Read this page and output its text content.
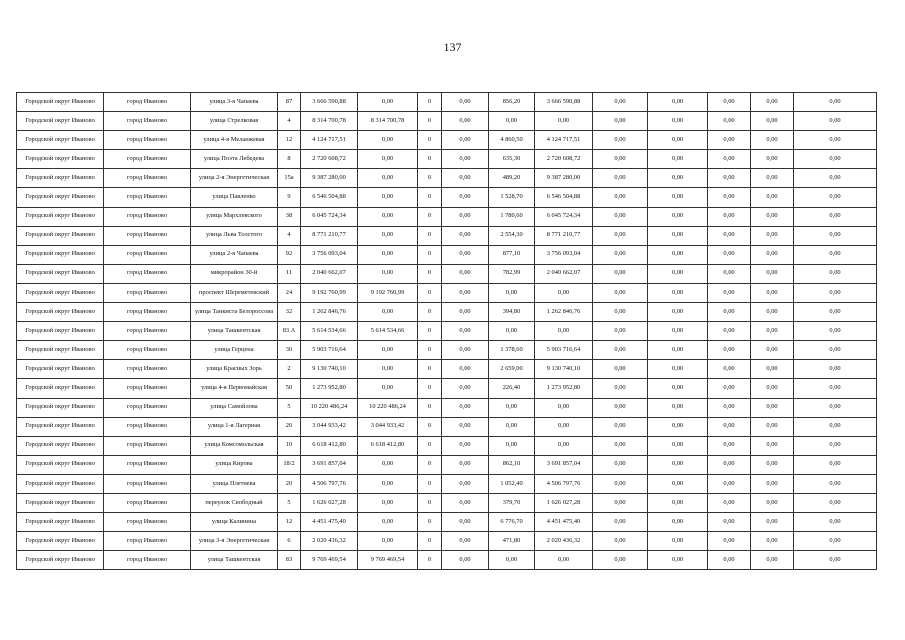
137
Городской округ Иваново	город Иваново	улица 3-я Чапаева	87	3 666 590,88	0,00	0	0,00	856,20	3 666 590,88	0,00	0,00	0,00	0,00	0,00
Городской округ Иваново	город Иваново	улица Стрелковая	4	8 314 700,78	8 314 700,78	0	0,00	0,00	0,00	0,00	0,00	0,00	0,00	0,00
Городской округ Иваново	город Иваново	улица 4-я Меланжевая	12	4 124 717,51	0,00	0	0,00	4 860,50	4 124 717,51	0,00	0,00	0,00	0,00	0,00
Городской округ Иваново	город Иваново	улица Поэта Лебедева	8	2 720 608,72	0,00	0	0,00	635,30	2 720 608,72	0,00	0,00	0,00	0,00	0,00
Городской округ Иваново	город Иваново	улица 2-я Энергетическая	15а	9 387 280,00	0,00	0	0,00	489,20	9 387 280,00	0,00	0,00	0,00	0,00	0,00
Городской округ Иваново	город Иваново	улица Павленко	9	6 546 504,88	0,00	0	0,00	1 528,70	6 546 504,88	0,00	0,00	0,00	0,00	0,00
Городской округ Иваново	город Иваново	улица Мархлевского	38	6 045 724,34	0,00	0	0,00	1 780,60	6 045 724,34	0,00	0,00	0,00	0,00	0,00
Городской округ Иваново	город Иваново	улица Льва Толстого	4	8 771 210,77	0,00	0	0,00	2 554,30	8 771 210,77	0,00	0,00	0,00	0,00	0,00
Городской округ Иваново	город Иваново	улица 2-я Чапаева	92	3 756 093,04	0,00	0	0,00	877,10	3 756 093,04	0,00	0,00	0,00	0,00	0,00
Городской округ Иваново	город Иваново	микрорайон 30-й	11	2 040 662,07	0,00	0	0,00	782,99	2 040 662,07	0,00	0,00	0,00	0,00	0,00
Городской округ Иваново	город Иваново	проспект Шереметевский	24	9 192 760,99	9 192 760,99	0	0,00	0,00	0,00	0,00	0,00	0,00	0,00	0,00
Городской округ Иваново	город Иваново	улица Танкиста Белороссова	32	1 262 846,76	0,00	0	0,00	394,80	1 262 846,76	0,00	0,00	0,00	0,00	0,00
Городской округ Иваново	город Иваново	улица Ташкентская	83 А	5 614 534,66	5 614 534,66	0	0,00	0,00	0,00	0,00	0,00	0,00	0,00	0,00
Городской округ Иваново	город Иваново	улица Герцена	30	5 903 716,64	0,00	0	0,00	1 378,60	5 903 716,64	0,00	0,00	0,00	0,00	0,00
Городской округ Иваново	город Иваново	улица Красных Зорь	2	9 130 740,10	0,00	0	0,00	2 659,00	9 130 740,10	0,00	0,00	0,00	0,00	0,00
Городской округ Иваново	город Иваново	улица 4-я Первомайская	50	1 273 952,80	0,00	0	0,00	226,40	1 273 952,80	0,00	0,00	0,00	0,00	0,00
Городской округ Иваново	город Иваново	улица Самойлова	5	10 220 486,24	10 220 486,24	0	0,00	0,00	0,00	0,00	0,00	0,00	0,00	0,00
Городской округ Иваново	город Иваново	улица 1-я Лагерная	20	3 044 933,42	3 044 933,42	0	0,00	0,00	0,00	0,00	0,00	0,00	0,00	0,00
Городской округ Иваново	город Иваново	улица Комсомольская	10	6 618 412,80	6 618 412,80	0	0,00	0,00	0,00	0,00	0,00	0,00	0,00	0,00
Городской округ Иваново	город Иваново	улица Кирова	18/2	3 691 857,04	0,00	0	0,00	862,10	3 691 857,04	0,00	0,00	0,00	0,00	0,00
Городской округ Иваново	город Иваново	улица Плетнева	20	4 506 797,76	0,00	0	0,00	1 052,40	4 506 797,76	0,00	0,00	0,00	0,00	0,00
Городской округ Иваново	город Иваново	переулок Свободный	5	1 626 027,28	0,00	0	0,00	379,70	1 626 027,28	0,00	0,00	0,00	0,00	0,00
Городской округ Иваново	город Иваново	улица Калинина	12	4 451 475,40	0,00	0	0,00	6 776,70	4 451 475,40	0,00	0,00	0,00	0,00	0,00
Городской округ Иваново	город Иваново	улица 3-я Энергетическая	6	2 020 436,32	0,00	0	0,00	471,80	2 020 436,32	0,00	0,00	0,00	0,00	0,00
Городской округ Иваново	город Иваново	улица Ташкентская	83	9 769 469,54	9 769 469,54	0	0,00	0,00	0,00	0,00	0,00	0,00	0,00	0,00
